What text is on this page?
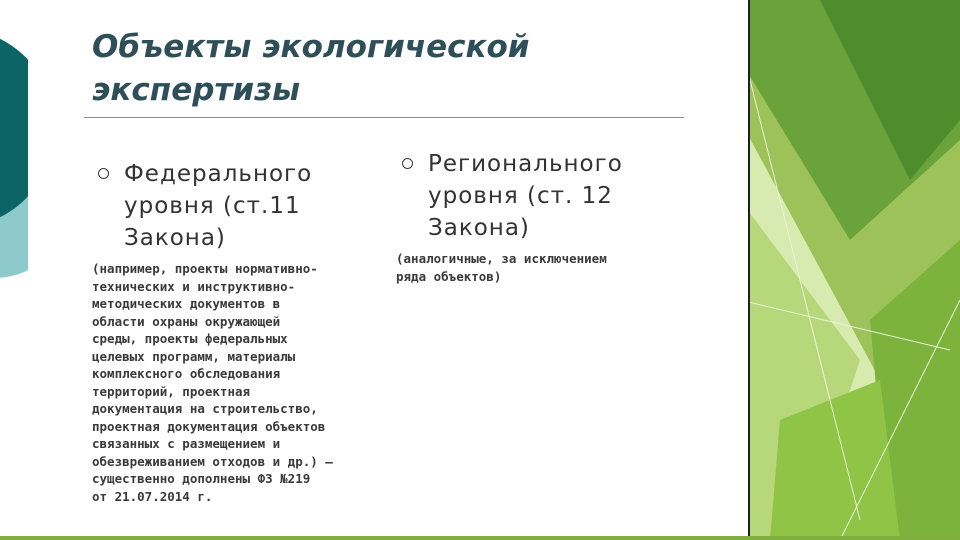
Объекты экологической
экспертизы
Федерального
уровня (ст.11
Закона)
(например, проекты нормативно-
технических и инструктивно-
методических документов в
области охраны окружающей
среды, проекты федеральных
целевых программ, материалы
комплексного обследования
территорий, проектная
документация на строительство,
проектная документация объектов
связанных с размещением и
обезвреживанием отходов и др.) –
существенно дополнены ФЗ №219
от 21.07.2014 г.
Регионального
уровня (ст. 12
Закона)
(аналогичные, за исключением
ряда объектов)
